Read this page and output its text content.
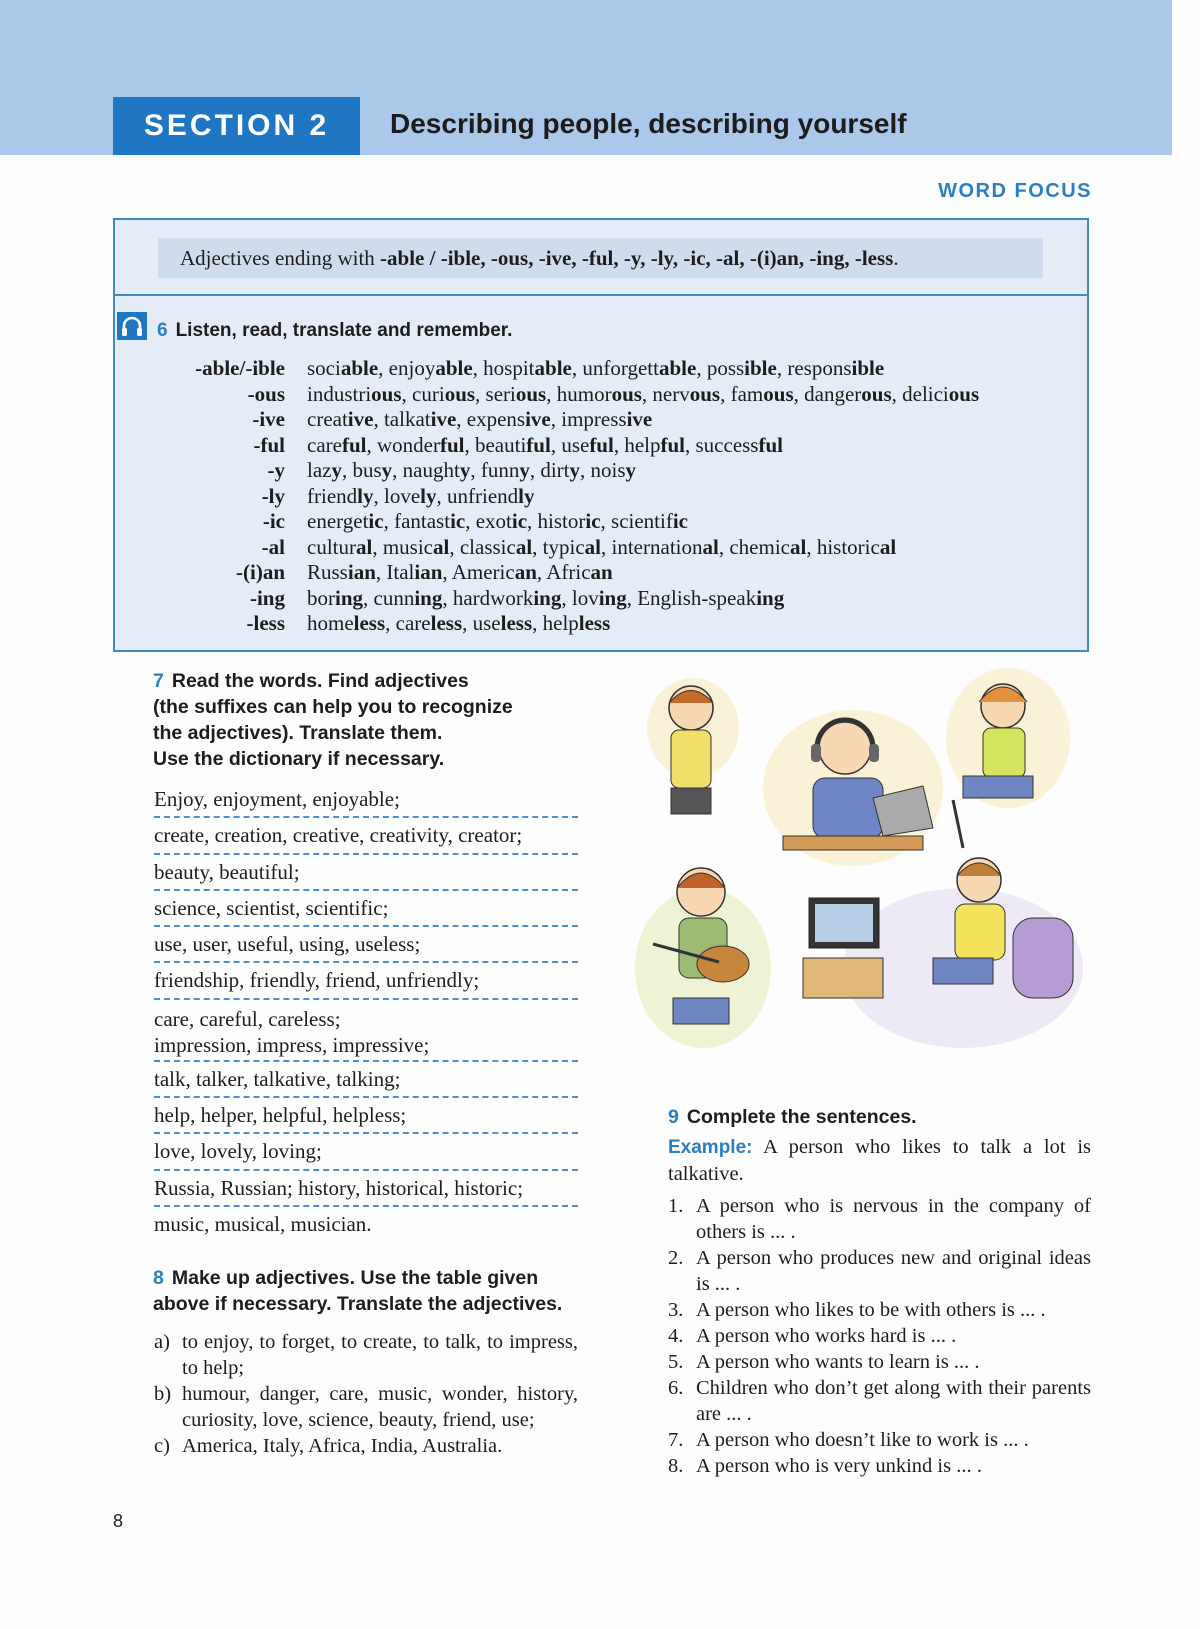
SECTION 2	Describing people, describing yourself
WORD FOCUS
Adjectives ending with -able / -ible, -ous, -ive, -ful, -y, -ly, -ic, -al, -(i)an, -ing, -less.
6 Listen, read, translate and remember.
-able/-ible	sociable, enjoyable, hospitable, unforgettable, possible, responsible
-ous	industrious, curious, serious, humorous, nervous, famous, dangerous, delicious
-ive	creative, talkative, expensive, impressive
-ful	careful, wonderful, beautiful, useful, helpful, successful
-y	lazy, busy, naughty, funny, dirty, noisy
-ly	friendly, lovely, unfriendly
-ic	energetic, fantastic, exotic, historic, scientific
-al	cultural, musical, classical, typical, international, chemical, historical
-(i)an	Russian, Italian, American, African
-ing	boring, cunning, hardworking, loving, English-speaking
-less	homeless, careless, useless, helpless
7 Read the words. Find adjectives
(the suffixes can help you to recognize
the adjectives). Translate them.
Use the dictionary if necessary.
Enjoy, enjoyment, enjoyable;
create, creation, creative, creativity, creator;
beauty, beautiful;
science, scientist, scientific;
use, user, useful, using, useless;
friendship, friendly, friend, unfriendly;
care, careful, careless;
impression, impress, impressive;
talk, talker, talkative, talking;
help, helper, helpful, helpless;
love, lovely, loving;
Russia, Russian; history, historical, historic;
music, musical, musician.
8 Make up adjectives. Use the table given
above if necessary. Translate the adjectives.
a) to enjoy, to forget, to create, to talk, to impress, to help;
b) humour, danger, care, music, wonder, history, curiosity, love, science, beauty, friend, use;
c) America, Italy, Africa, India, Australia.
9 Complete the sentences.
Example: A person who likes to talk a lot is talkative.
1. A person who is nervous in the company of others is ... .
2. A person who produces new and original ideas is ... .
3. A person who likes to be with others is ... .
4. A person who works hard is ... .
5. A person who wants to learn is ... .
6. Children who don’t get along with their parents are ... .
7. A person who doesn’t like to work is ... .
8. A person who is very unkind is ... .
8
